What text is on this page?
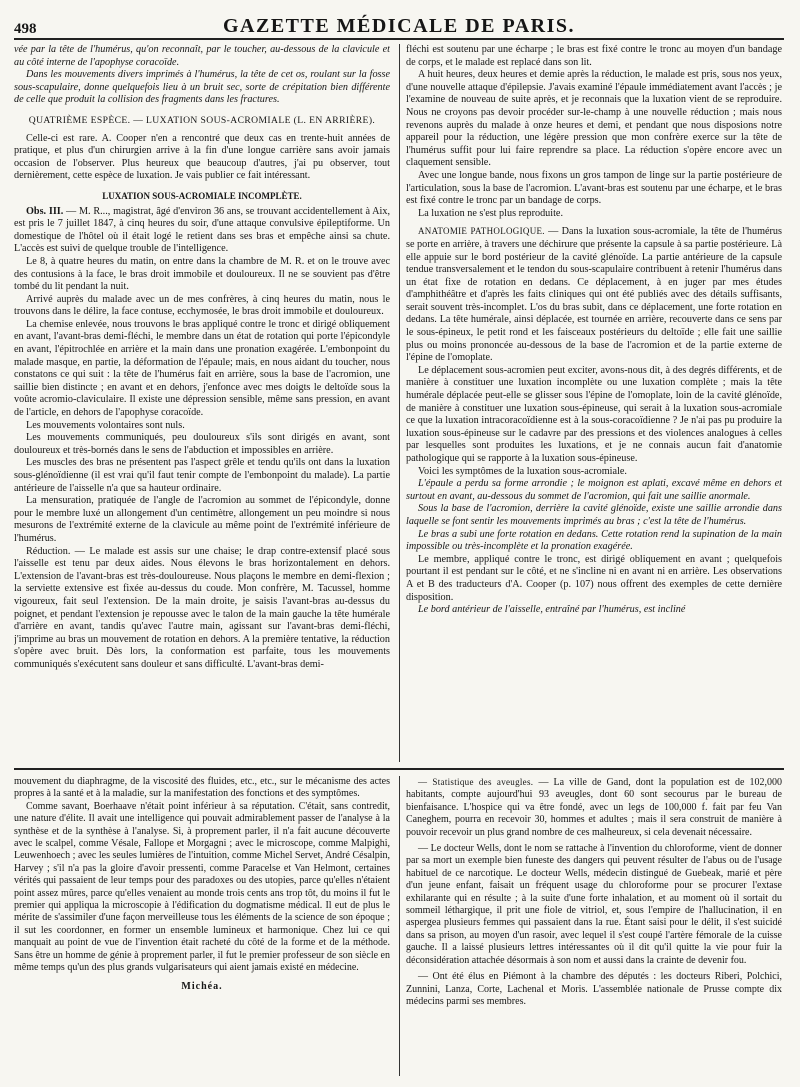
498	GAZETTE MÉDICALE DE PARIS.

vée par la tête de l'humérus, qu'on reconnaît, par le toucher, au-dessous de la clavicule et au côté interne de l'apophyse coracoïde.

Dans les mouvements divers imprimés à l'humérus, la tête de cet os, roulant sur la fosse sous-scapulaire, donne quelquefois lieu à un bruit sec, sorte de crépitation bien différente de celle que produit la collision des fragments dans les fractures.

QUATRIÈME ESPÈCE. — LUXATION SOUS-ACROMIALE (L. EN ARRIÈRE).

Celle-ci est rare. A. Cooper n'en a rencontré que deux cas en trente-huit années de pratique, et plus d'un chirurgien arrive à la fin d'une longue carrière sans avoir jamais occasion de l'observer. Plus heureux que beaucoup d'autres, j'ai pu observer, tout dernièrement, cette espèce de luxation. Je vais publier ce fait intéressant.

LUXATION SOUS-ACROMIALE INCOMPLÈTE.

Obs. III. — M. R..., magistrat, âgé d'environ 36 ans, se trouvant accidentellement à Aix, est pris le 7 juillet 1847, à cinq heures du soir, d'une attaque convulsive épileptiforme. Un domestique de l'hôtel où il était logé le retient dans ses bras et empêche ainsi sa chute. L'accès est suivi de quelque trouble de l'intelligence.

Le 8, à quatre heures du matin, on entre dans la chambre de M. R. et on le trouve avec des contusions à la face, le bras droit immobile et douloureux. Il ne se souvient pas d'être tombé du lit pendant la nuit.

Arrivé auprès du malade avec un de mes confrères, à cinq heures du matin, nous le trouvons dans le délire, la face contuse, ecchymosée, le bras droit immobile et douloureux.

La chemise enlevée, nous trouvons le bras appliqué contre le tronc et dirigé obliquement en avant, l'avant-bras demi-fléchi, le membre dans un état de rotation qui porte l'épicondyle en avant, l'épitrochlée en arrière et la main dans une pronation exagérée. L'embonpoint du malade masque, en partie, la déformation de l'épaule; mais, en nous aidant du toucher, nous constatons ce qui suit : la tête de l'humérus fait en arrière, sous la base de l'acromion, une saillie bien distincte ; en avant et en dehors, j'enfonce avec mes doigts le deltoïde sous la voûte acromio-claviculaire. Il existe une dépression sensible, même sans pression, en avant de l'article, en dehors de l'apophyse coracoïde.

Les mouvements volontaires sont nuls.

Les mouvements communiqués, peu douloureux s'ils sont dirigés en avant, sont douloureux et très-bornés dans le sens de l'abduction et impossibles en arrière.

Les muscles des bras ne présentent pas l'aspect grêle et tendu qu'ils ont dans la luxation sous-glénoïdienne (il est vrai qu'il faut tenir compte de l'embonpoint du malade). La partie antérieure de l'aisselle n'a que sa hauteur ordinaire.

La mensuration, pratiquée de l'angle de l'acromion au sommet de l'épicondyle, donne pour le membre luxé un allongement d'un centimètre, allongement un peu moindre si nous mesurons de l'extrémité externe de la clavicule au même point de l'extrémité inférieure de l'humérus.

Réduction. — Le malade est assis sur une chaise; le drap contre-extensif placé sous l'aisselle est tenu par deux aides. Nous élevons le bras horizontalement en dehors. L'extension de l'avant-bras est très-douloureuse. Nous plaçons le membre en demi-flexion ; la serviette extensive est fixée au-dessus du coude. Mon confrère, M. Tacussel, homme vigoureux, fait seul l'extension. De la main droite, je saisis l'avant-bras au-dessus du poignet, et pendant l'extension je repousse avec le talon de la main gauche la tête humérale d'arrière en avant, tandis qu'avec l'autre main, agissant sur l'avant-bras demi-fléchi, j'imprime au bras un mouvement de rotation en dehors. A la première tentative, la réduction s'opère avec bruit. Dès lors, la conformation est parfaite, tous les mouvements communiqués s'exécutent sans douleur et sans difficulté. L'avant-bras demi-

fléchi est soutenu par une écharpe ; le bras est fixé contre le tronc au moyen d'un bandage de corps, et le malade est replacé dans son lit.

A huit heures, deux heures et demie après la réduction, le malade est pris, sous nos yeux, d'une nouvelle attaque d'épilepsie. J'avais examiné l'épaule immédiatement avant l'accès ; je l'examine de nouveau de suite après, et je reconnais que la luxation vient de se reproduire. Nous ne croyons pas devoir procéder sur-le-champ à une nouvelle réduction ; mais nous revenons auprès du malade à onze heures et demi, et pendant que nous disposions notre appareil pour la réduction, une légère pression que mon confrère exerce sur la tête de l'humérus suffit pour lui faire reprendre sa place. La réduction s'opère encore avec un claquement sensible.

Avec une longue bande, nous fixons un gros tampon de linge sur la partie postérieure de l'articulation, sous la base de l'acromion. L'avant-bras est soutenu par une écharpe, et le bras est fixé contre le tronc par un bandage de corps.

La luxation ne s'est plus reproduite.

ANATOMIE PATHOLOGIQUE. — Dans la luxation sous-acromiale, la tête de l'humérus se porte en arrière, à travers une déchirure que présente la capsule à sa partie postérieure. Là elle appuie sur le bord postérieur de la cavité glénoïde. La partie antérieure de la capsule tendue transversalement et le tendon du sous-scapulaire contribuent à retenir l'humérus dans un état fixe de rotation en dedans. Ce déplacement, à en juger par mes études d'amphithéâtre et d'après les faits cliniques qui ont été publiés avec des détails suffisants, serait souvent très-incomplet. L'os du bras subit, dans ce déplacement, une forte rotation en dedans. La tête humérale, ainsi déplacée, est tournée en arrière, recouverte dans ce sens par le sous-épineux, le petit rond et les faisceaux postérieurs du deltoïde ; elle fait une saillie plus ou moins prononcée au-dessous de la base de l'acromion et de la partie externe de l'épine de l'omoplate.

Le déplacement sous-acromien peut exciter, avons-nous dit, à des degrés différents, et de manière à constituer une luxation incomplète ou une luxation complète ; mais la tête humérale déplacée peut-elle se glisser sous l'épine de l'omoplate, loin de la cavité glénoïde, de manière à constituer une luxation sous-épineuse, qui serait à la luxation sous-acromiale ce que la luxation intracoracoïdienne est à la sous-coracoïdienne ? Je n'ai pas pu produire la luxation sous-épineuse sur le cadavre par des pressions et des violences analogues à celles par lesquelles sont produites les luxations, et je ne connais aucun fait d'anatomie pathologique qui se rapporte à la luxation sous-épineuse.

Voici les symptômes de la luxation sous-acromiale.

L'épaule a perdu sa forme arrondie ; le moignon est aplati, excavé même en dehors et surtout en avant, au-dessous du sommet de l'acromion, qui fait une saillie anormale.

Sous la base de l'acromion, derrière la cavité glénoïde, existe une saillie arrondie dans laquelle se font sentir les mouvements imprimés au bras ; c'est la tête de l'humérus.

Le bras a subi une forte rotation en dedans. Cette rotation rend la supination de la main impossible ou très-incomplète et la pronation exagérée.

Le membre, appliqué contre le tronc, est dirigé obliquement en avant ; quelquefois pourtant il est pendant sur le côté, et ne s'incline ni en avant ni en arrière. Les observations A et B des traducteurs d'A. Cooper (p. 107) nous offrent des exemples de cette dernière disposition.

Le bord antérieur de l'aisselle, entraîné par l'humérus, est incliné

mouvement du diaphragme, de la viscosité des fluides, etc., etc., sur le mécanisme des actes propres à la santé et à la maladie, sur la manifestation des fonctions et des symptômes.

Comme savant, Boerhaave n'était point inférieur à sa réputation. C'était, sans contredit, une nature d'élite. Il avait une intelligence qui pouvait admirablement passer de l'analyse à la synthèse et de la synthèse à l'analyse. Si, à proprement parler, il n'a fait aucune découverte avec le scalpel, comme Vésale, Fallope et Morgagni ; avec le microscope, comme Malpighi, Leuwenhoech ; avec les seules lumières de l'intuition, comme Michel Servet, André Césalpin, Harvey ; s'il n'a pas la gloire d'avoir pressenti, comme Paracelse et Van Helmont, certaines vérités qui passaient de leur temps pour des paradoxes ou des utopies, parce qu'elles n'étaient point assez mûres, parce qu'elles venaient au monde trois cents ans trop tôt, du moins il fut le premier qui appliqua la microscopie à l'édification du dogmatisme médical. Il eut de plus le mérite de s'assimiler d'une façon merveilleuse tous les éléments de la science de son époque ; il sut les coordonner, en former un ensemble lumineux et harmonique. Chez lui ce qui manquait au point de vue de l'invention était racheté du côté de la forme et de la méthode. Sans être un homme de génie à proprement parler, il fut le premier professeur de son siècle en même temps qu'un des plus grands vulgarisateurs qui aient jamais existé en médecine.

Michéa.

— Statistique des aveugles. — La ville de Gand, dont la population est de 102,000 habitants, compte aujourd'hui 93 aveugles, dont 60 sont secourus par le bureau de bienfaisance. L'hospice qui va être fondé, avec un legs de 100,000 f. fait par feu Van Caneghem, pourra en recevoir 30, hommes et adultes ; mais il sera construit de manière à pouvoir recevoir un plus grand nombre de ces malheureux, si cela devenait nécessaire.

— Le docteur Wells, dont le nom se rattache à l'invention du chloroforme, vient de donner par sa mort un exemple bien funeste des dangers qui peuvent résulter de l'abus ou de l'usage habituel de ce narcotique. Le docteur Wells, médecin distingué de Guebeak, marié et père d'un jeune enfant, faisait un fréquent usage du chloroforme pour se procurer l'extase exhilarante qui en résulte ; à la suite d'une forte inhalation, et au moment où il sortait du sommeil léthargique, il prit une fiole de vitriol, et, sous l'empire de l'hallucination, il en aspergea plusieurs femmes qui passaient dans la rue. Étant saisi pour le délit, il s'est suicidé dans sa prison, au moyen d'un rasoir, avec lequel il s'est coupé l'artère fémorale de la cuisse gauche. Il a laissé plusieurs lettres intéressantes où il dit qu'il quitte la vie pour fuir la déconsidération attachée désormais à son nom et aussi dans la crainte de devenir fou.

— Ont été élus en Piémont à la chambre des députés : les docteurs Riberi, Polchici, Zunnini, Lanza, Corte, Lachenal et Moris. L'assemblée nationale de Prusse compte dix médecins parmi ses membres.
